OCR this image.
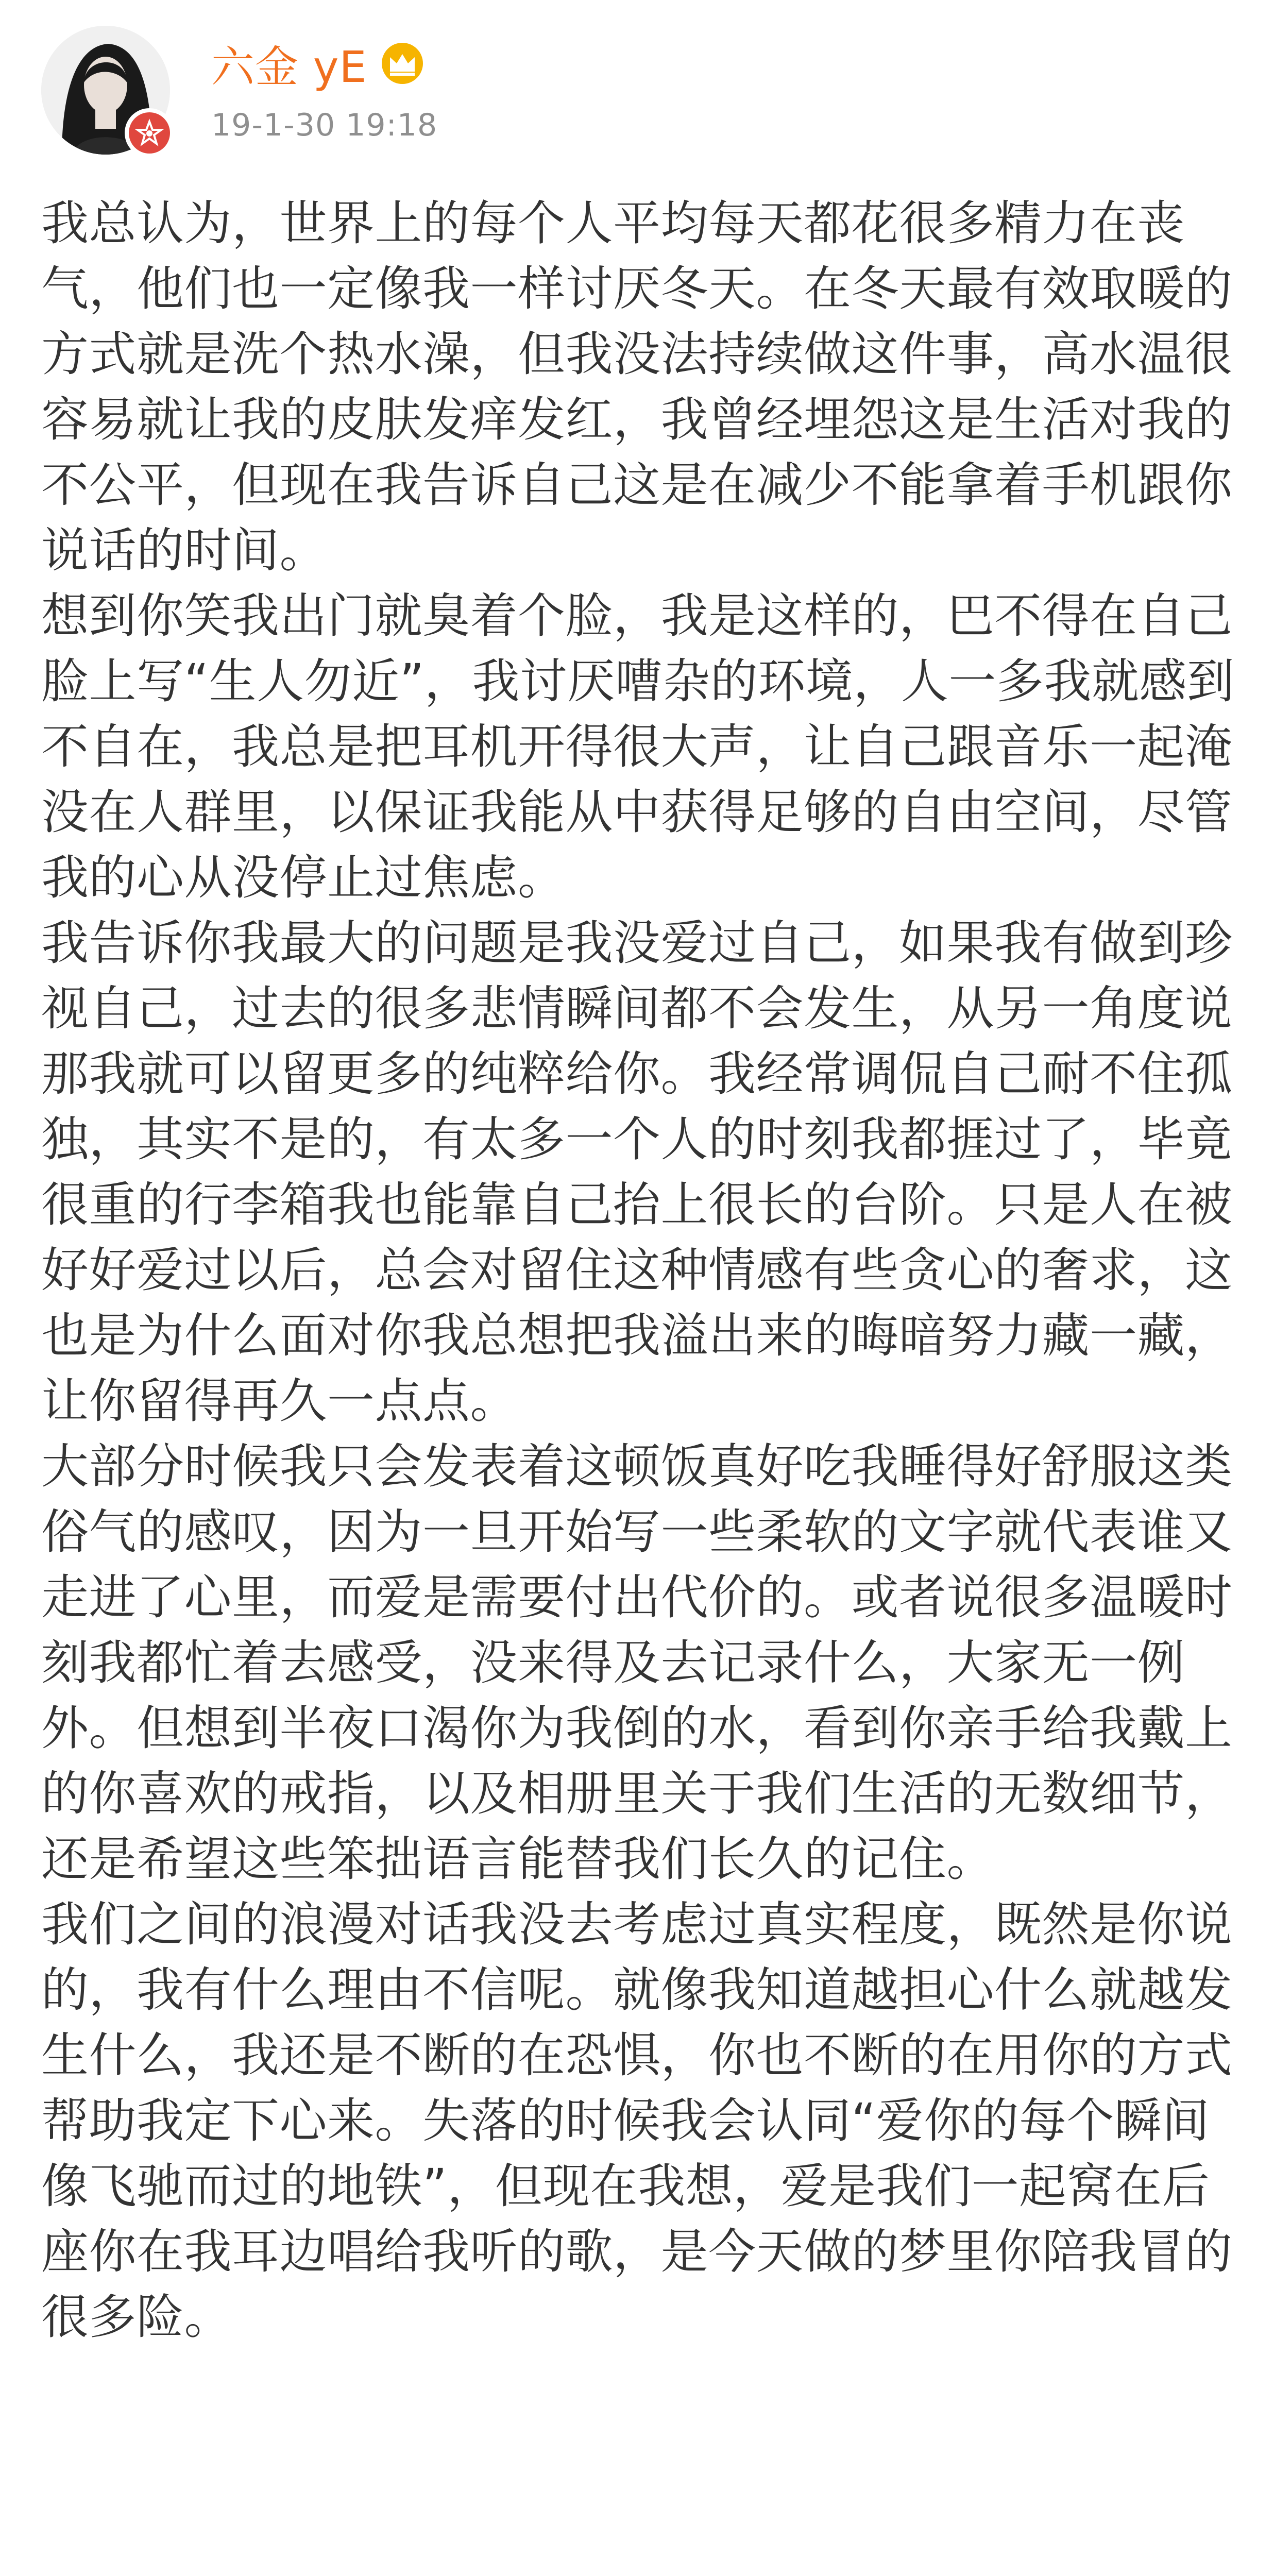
六金 yE
19-1-30 19:18

我总认为，世界上的每个人平均每天都花很多精力在丧气，他们也一定像我一样讨厌冬天。在冬天最有效取暖的方式就是洗个热水澡，但我没法持续做这件事，高水温很容易就让我的皮肤发痒发红，我曾经埋怨这是生活对我的不公平，但现在我告诉自己这是在减少不能拿着手机跟你说话的时间。

想到你笑我出门就臭着个脸，我是这样的，巴不得在自己脸上写“生人勿近”，我讨厌嘈杂的环境，人一多我就感到不自在，我总是把耳机开得很大声，让自己跟音乐一起淹没在人群里，以保证我能从中获得足够的自由空间，尽管我的心从没停止过焦虑。

我告诉你我最大的问题是我没爱过自己，如果我有做到珍视自己，过去的很多悲情瞬间都不会发生，从另一角度说那我就可以留更多的纯粹给你。我经常调侃自己耐不住孤独，其实不是的，有太多一个人的时刻我都捱过了，毕竟很重的行李箱我也能靠自己抬上很长的台阶。只是人在被好好爱过以后，总会对留住这种情感有些贪心的奢求，这也是为什么面对你我总想把我溢出来的晦暗努力藏一藏，让你留得再久一点点。

大部分时候我只会发表着这顿饭真好吃我睡得好舒服这类俗气的感叹，因为一旦开始写一些柔软的文字就代表谁又走进了心里，而爱是需要付出代价的。或者说很多温暖时刻我都忙着去感受，没来得及去记录什么，大家无一例外。但想到半夜口渴你为我倒的水，看到你亲手给我戴上的你喜欢的戒指，以及相册里关于我们生活的无数细节，还是希望这些笨拙语言能替我们长久的记住。

我们之间的浪漫对话我没去考虑过真实程度，既然是你说的，我有什么理由不信呢。就像我知道越担心什么就越发生什么，我还是不断的在恐惧，你也不断的在用你的方式帮助我定下心来。失落的时候我会认同“爱你的每个瞬间像飞驰而过的地铁”，但现在我想，爱是我们一起窝在后座你在我耳边唱给我听的歌，是今天做的梦里你陪我冒的很多险。
